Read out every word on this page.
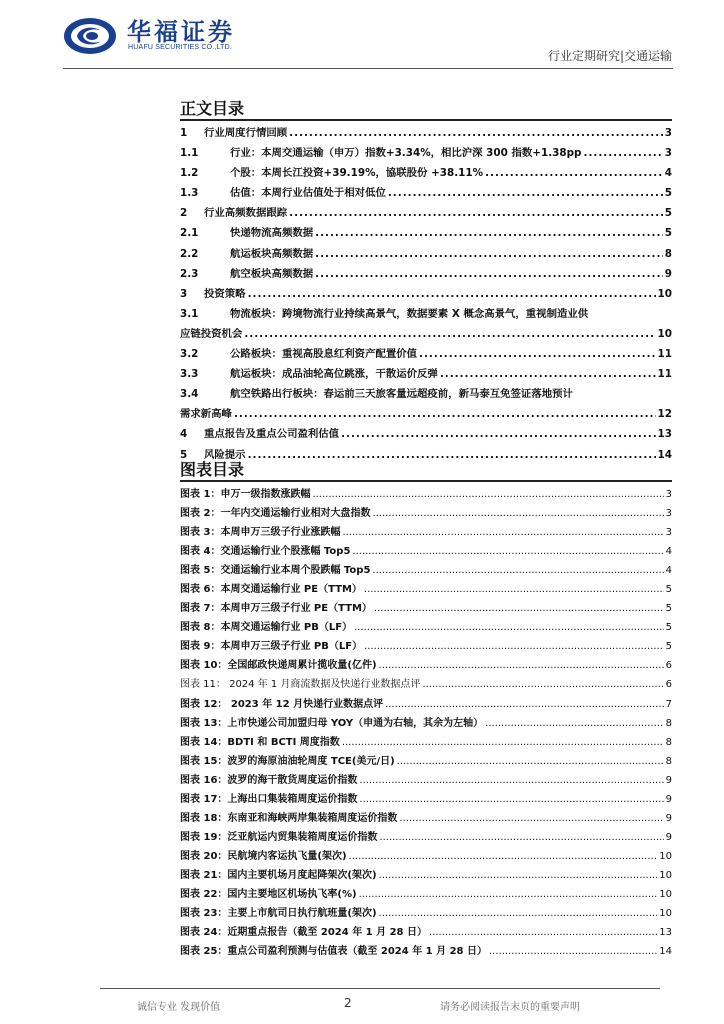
华福证券
HUAFU SECURITIES CO.,LTD.
行业定期研究|交通运输
正文目录
1	行业周度行情回顾 .....	3
1.1	行业：本周交通运输（申万）指数+3.34%，相比沪深 300 指数+1.38pp .....	3
1.2	个股：本周长江投资+39.19%，協联股份 +38.11% .....	4
1.3	估值：本周行业估值处于相对低位 .....	5
2	行业高频数据跟踪 .....	5
2.1	快递物流高频数据 .....	5
2.2	航运板块高频数据 .....	8
2.3	航空板块高频数据 .....	9
3	投资策略 .....	10
3.1	物流板块：跨境物流行业持续高景气，数据要素 X 概念高景气，重视制造业供
应链投资机会 .....	10
3.2	公路板块：重视高股息红利资产配置价值 .....	11
3.3	航运板块：成品油轮高位跳涨，干散运价反弹 .....	11
3.4	航空铁路出行板块：春运前三天旅客量远超疫前，新马泰互免签证落地预计
需求新高峰 .....	12
4	重点报告及重点公司盈利估值 .....	13
5	风险提示 .....	14
图表目录
图表 1：申万一级指数涨跌幅 .....	3
图表 2：一年内交通运输行业相对大盘指数 .....	3
图表 3：本周申万三级子行业涨跌幅 .....	3
图表 4：交通运输行业个股涨幅 Top5 .....	4
图表 5：交通运输行业本周个股跌幅 Top5 .....	4
图表 6：本周交通运输行业 PE（TTM） .....	5
图表 7：本周申万三级子行业 PE（TTM） .....	5
图表 8：本周交通运输行业 PB（LF） .....	5
图表 9：本周申万三级子行业 PB（LF） .....	5
图表 10：全国邮政快递周累计揽收量(亿件) .....	6
图表 11： 2024 年 1 月商流数据及快递行业数据点评 .....	6
图表 12： 2023 年 12 月快递行业数据点评 .....	7
图表 13：上市快递公司加盟归母 YOY（申通为右轴，其余为左轴） .....	8
图表 14：BDTI 和 BCTI 周度指数 .....	8
图表 15：波罗的海原油油轮周度 TCE(美元/日) .....	8
图表 16：波罗的海干散货周度运价指数 .....	9
图表 17：上海出口集装箱周度运价指数 .....	9
图表 18：东南亚和海峡两岸集装箱周度运价指数 .....	9
图表 19：泛亚航运内贸集装箱周度运价指数 .....	9
图表 20：民航境内客运执飞量(架次) .....	10
图表 21：国内主要机场月度起降架次(架次) .....	10
图表 22：国内主要地区机场执飞率(%) .....	10
图表 23：主要上市航司日执行航班量(架次) .....	10
图表 24：近期重点报告（截至 2024 年 1 月 28 日） .....	13
图表 25：重点公司盈利预测与估值表（截至 2024 年 1 月 28 日） .....	14
诚信专业 发现价值	2	请务必阅读报告末页的重要声明
